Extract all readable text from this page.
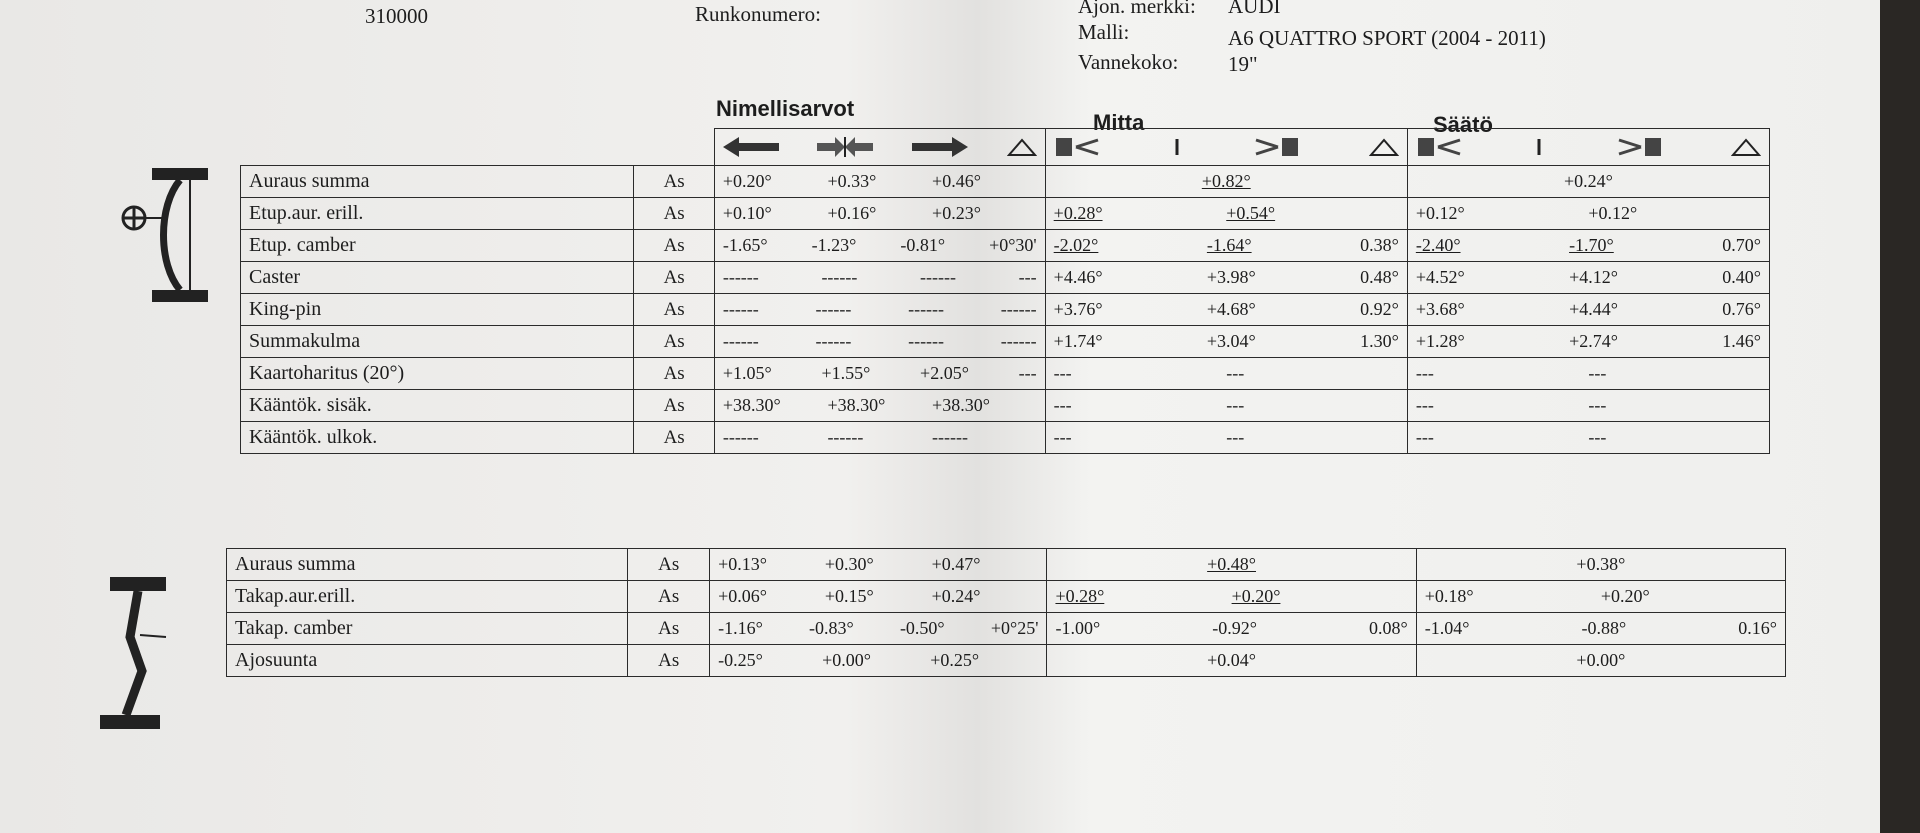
310000	Runkonumero:	Ajon. merkki: AUDI
Malli:	A6 QUATTRO SPORT (2004 - 2011)
Vannekoko: 19"
Nimellisarvot
Mitta	Säätö

Auraus summa	As	+0.20° +0.33° +0.46°	+0.82°	+0.24°

Etup.aur. erill.	As	+0.10° +0.16° +0.23°	+0.28° +0.54°	+0.12° +0.12°

Etup. camber	As	-1.65° -1.23° -0.81° +0°30'	-2.02° -1.64° 0.38°	-2.40° -1.70° 0.70°

Caster	As	------ ------ ------ ---	+4.46° +3.98° 0.48°	+4.52° +4.12° 0.40°

King-pin	As	------ ------ ------ ------	+3.76° +4.68° 0.92°	+3.68° +4.44° 0.76°

Summakulma	As	------ ------ ------ ------	+1.74° +3.04° 1.30°	+1.28° +2.74° 1.46°

Kaartoharitus (20°)	As	+1.05° +1.55° +2.05° ---	--- ---	--- ---

Kääntök. sisäk.	As	+38.30° +38.30° +38.30°	--- ---	--- ---

Kääntök. ulkok.	As	------ ------ ------	--- ---	--- ---
Auraus summa	As	+0.13° +0.30° +0.47°	+0.48°	+0.38°

Takap.aur.erill.	As	+0.06° +0.15° +0.24°	+0.28° +0.20°	+0.18° +0.20°

Takap. camber	As	-1.16° -0.83° -0.50° +0°25'	-1.00° -0.92° 0.08°	-1.04° -0.88° 0.16°

Ajosuunta	As	-0.25° +0.00° +0.25°	+0.04°	+0.00°
